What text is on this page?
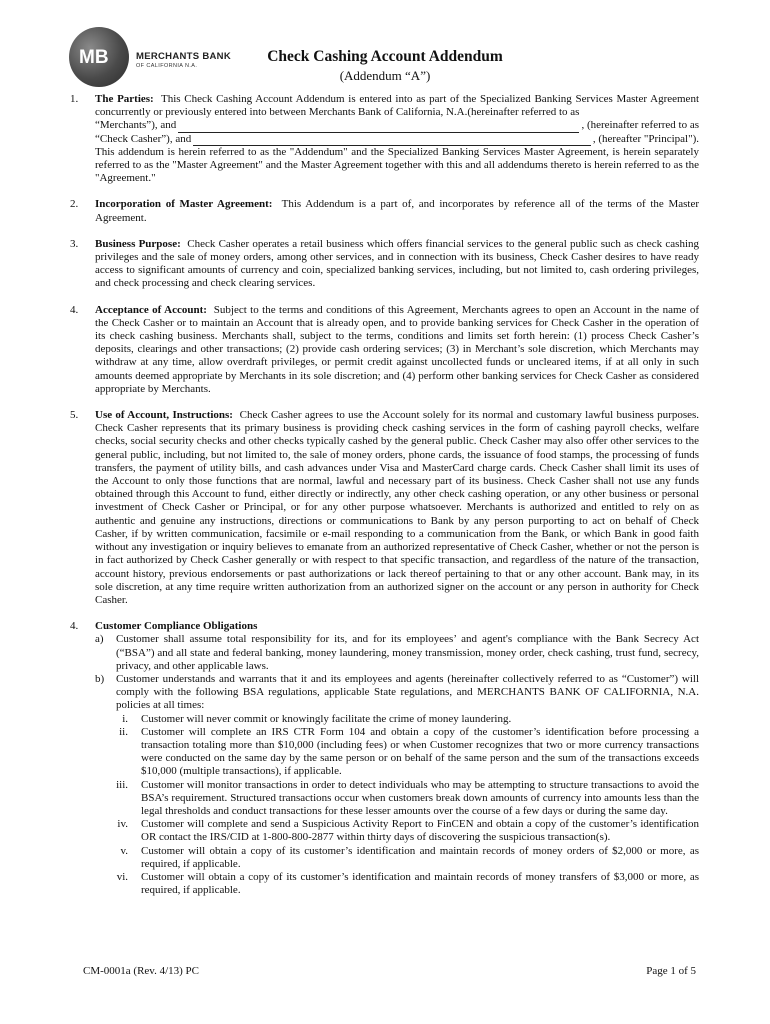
MB	MERCHANTS BANK
OF CALIFORNIA N.A.
Check Cashing Account Addendum
(Addendum “A”)
1. The Parties: This Check Cashing Account Addendum is entered into as part of the Specialized Banking Services Master Agreement concurrently or previously entered into between Merchants Bank of California, N.A.(hereinafter referred to as
“Merchants”), and	, (hereinafter referred to as
“Check Casher”), and	, (hereafter "Principal").
This addendum is herein referred to as the "Addendum" and the Specialized Banking Services Master Agreement, is herein separately referred to as the "Master Agreement" and the Master Agreement together with this and all addendums thereto is herein referred to as the "Agreement."
2. Incorporation of Master Agreement: This Addendum is a part of, and incorporates by reference all of the terms of the Master Agreement.
3. Business Purpose: Check Casher operates a retail business which offers financial services to the general public such as check cashing privileges and the sale of money orders, among other services, and in connection with its business, Check Casher desires to have ready access to significant amounts of currency and coin, specialized banking services, including, but not limited to, cash ordering privileges, and check processing and check clearing services.
4. Acceptance of Account: Subject to the terms and conditions of this Agreement, Merchants agrees to open an Account in the name of the Check Casher or to maintain an Account that is already open, and to provide banking services for Check Casher in the operation of its check cashing business. Merchants shall, subject to the terms, conditions and limits set forth herein: (1) process Check Casher’s deposits, clearings and other transactions; (2) provide cash ordering services; (3) in Merchant’s sole discretion, which Merchants may withdraw at any time, allow overdraft privileges, or permit credit against uncollected funds or uncleared items, if at all only in such amounts deemed appropriate by Merchants in its sole discretion; and (4) perform other banking services for Check Casher as considered appropriate by Merchants.
5. Use of Account, Instructions: Check Casher agrees to use the Account solely for its normal and customary lawful business purposes. Check Casher represents that its primary business is providing check cashing services in the form of cashing payroll checks, welfare checks, social security checks and other checks typically cashed by the general public. Check Casher may also offer other services to the general public, including, but not limited to, the sale of money orders, phone cards, the issuance of food stamps, the processing of funds transfers, the payment of utility bills, and cash advances under Visa and MasterCard charge cards. Check Casher shall limit its uses of the Account to only those functions that are normal, lawful and necessary part of its business. Check Casher shall not use any funds obtained through this Account to fund, either directly or indirectly, any other check cashing operation, or any other business or personal investment of Check Casher or Principal, or for any other purpose whatsoever. Merchants is authorized and entitled to rely on as authentic and genuine any instructions, directions or communications to Bank by any person purporting to act on behalf of Check Casher, if by written communication, facsimile or e-mail responding to a communication from the Bank, or which Bank in good faith without any investigation or inquiry believes to emanate from an authorized representative of Check Casher, whether or not the person is in fact authorized by Check Casher generally or with respect to that specific transaction, and regardless of the nature of the transaction, account history, previous endorsements or past authorizations or lack thereof pertaining to that or any other account. Bank may, in its sole discretion, at any time require written authorization from an authorized signer on the account or any person in authority for Check Casher.
4. Customer Compliance Obligations
a) Customer shall assume total responsibility for its, and for its employees’ and agent's compliance with the Bank Secrecy Act (“BSA”) and all state and federal banking, money laundering, money transmission, money order, check cashing, trust fund, secrecy, privacy, and other applicable laws.
b) Customer understands and warrants that it and its employees and agents (hereinafter collectively referred to as “Customer”) will comply with the following BSA regulations, applicable State regulations, and MERCHANTS BANK OF CALIFORNIA, N.A. policies at all times:
i. Customer will never commit or knowingly facilitate the crime of money laundering.
ii. Customer will complete an IRS CTR Form 104 and obtain a copy of the customer’s identification before processing a transaction totaling more than $10,000 (including fees) or when Customer recognizes that two or more currency transactions were conducted on the same day by the same person or on behalf of the same person and the sum of the transactions exceeds $10,000 (multiple transactions), if applicable.
iii. Customer will monitor transactions in order to detect individuals who may be attempting to structure transactions to avoid the BSA’s requirement. Structured transactions occur when customers break down amounts of currency into amounts less than the legal thresholds and conduct transactions for these lesser amounts over the course of a few days or during the same day.
iv. Customer will complete and send a Suspicious Activity Report to FinCEN and obtain a copy of the customer’s identification OR contact the IRS/CID at 1-800-800-2877 within thirty days of discovering the suspicious transaction(s).
v. Customer will obtain a copy of its customer’s identification and maintain records of money orders of $2,000 or more, as required, if applicable.
vi. Customer will obtain a copy of its customer’s identification and maintain records of money transfers of $3,000 or more, as required, if applicable.
CM-0001a (Rev. 4/13) PC	Page 1 of 5
